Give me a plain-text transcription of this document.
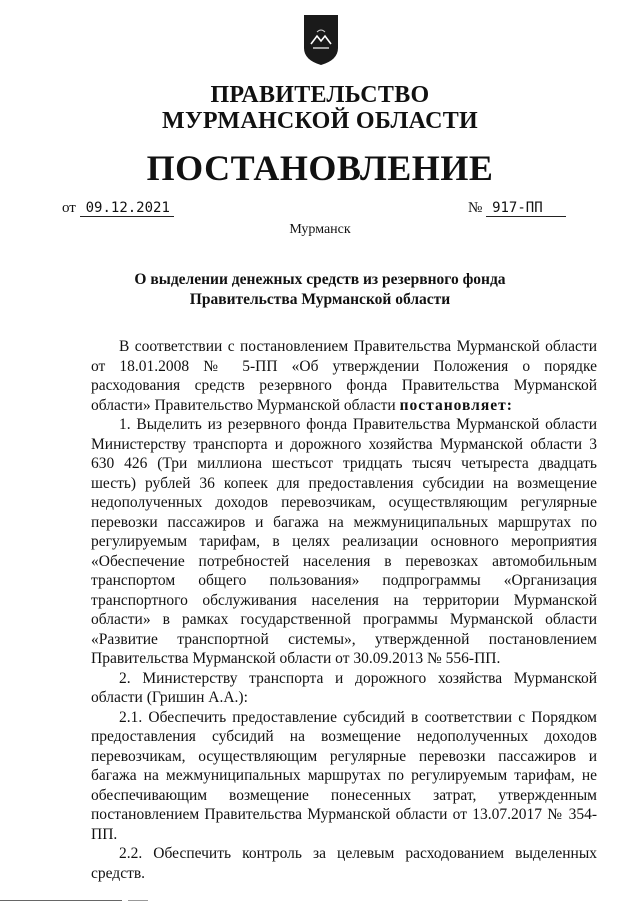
ПРАВИТЕЛЬСТВО
МУРМАНСКОЙ ОБЛАСТИ
ПОСТАНОВЛЕНИЕ
от 09.12.2021	№ 917-ПП
Мурманск
О выделении денежных средств из резервного фонда
Правительства Мурманской области

В соответствии с постановлением Правительства Мурманской области от 18.01.2008 № 5-ПП «Об утверждении Положения о порядке расходования средств резервного фонда Правительства Мурманской области» Правительство Мурманской области постановляет:

1. Выделить из резервного фонда Правительства Мурманской области Министерству транспорта и дорожного хозяйства Мурманской области 3 630 426 (Три миллиона шестьсот тридцать тысяч четыреста двадцать шесть) рублей 36 копеек для предоставления субсидии на возмещение недополученных доходов перевозчикам, осуществляющим регулярные перевозки пассажиров и багажа на межмуниципальных маршрутах по регулируемым тарифам, в целях реализации основного мероприятия «Обеспечение потребностей населения в перевозках автомобильным транспортом общего пользования» подпрограммы «Организация транспортного обслуживания населения на территории Мурманской области» в рамках государственной программы Мурманской области «Развитие транспортной системы», утвержденной постановлением Правительства Мурманской области от 30.09.2013 № 556-ПП.

2. Министерству транспорта и дорожного хозяйства Мурманской области (Гришин А.А.):

2.1. Обеспечить предоставление субсидий в соответствии с Порядком предоставления субсидий на возмещение недополученных доходов перевозчикам, осуществляющим регулярные перевозки пассажиров и багажа на межмуниципальных маршрутах по регулируемым тарифам, не обеспечивающим возмещение понесенных затрат, утвержденным постановлением Правительства Мурманской области от 13.07.2017 № 354-ПП.

2.2. Обеспечить контроль за целевым расходованием выделенных средств.
